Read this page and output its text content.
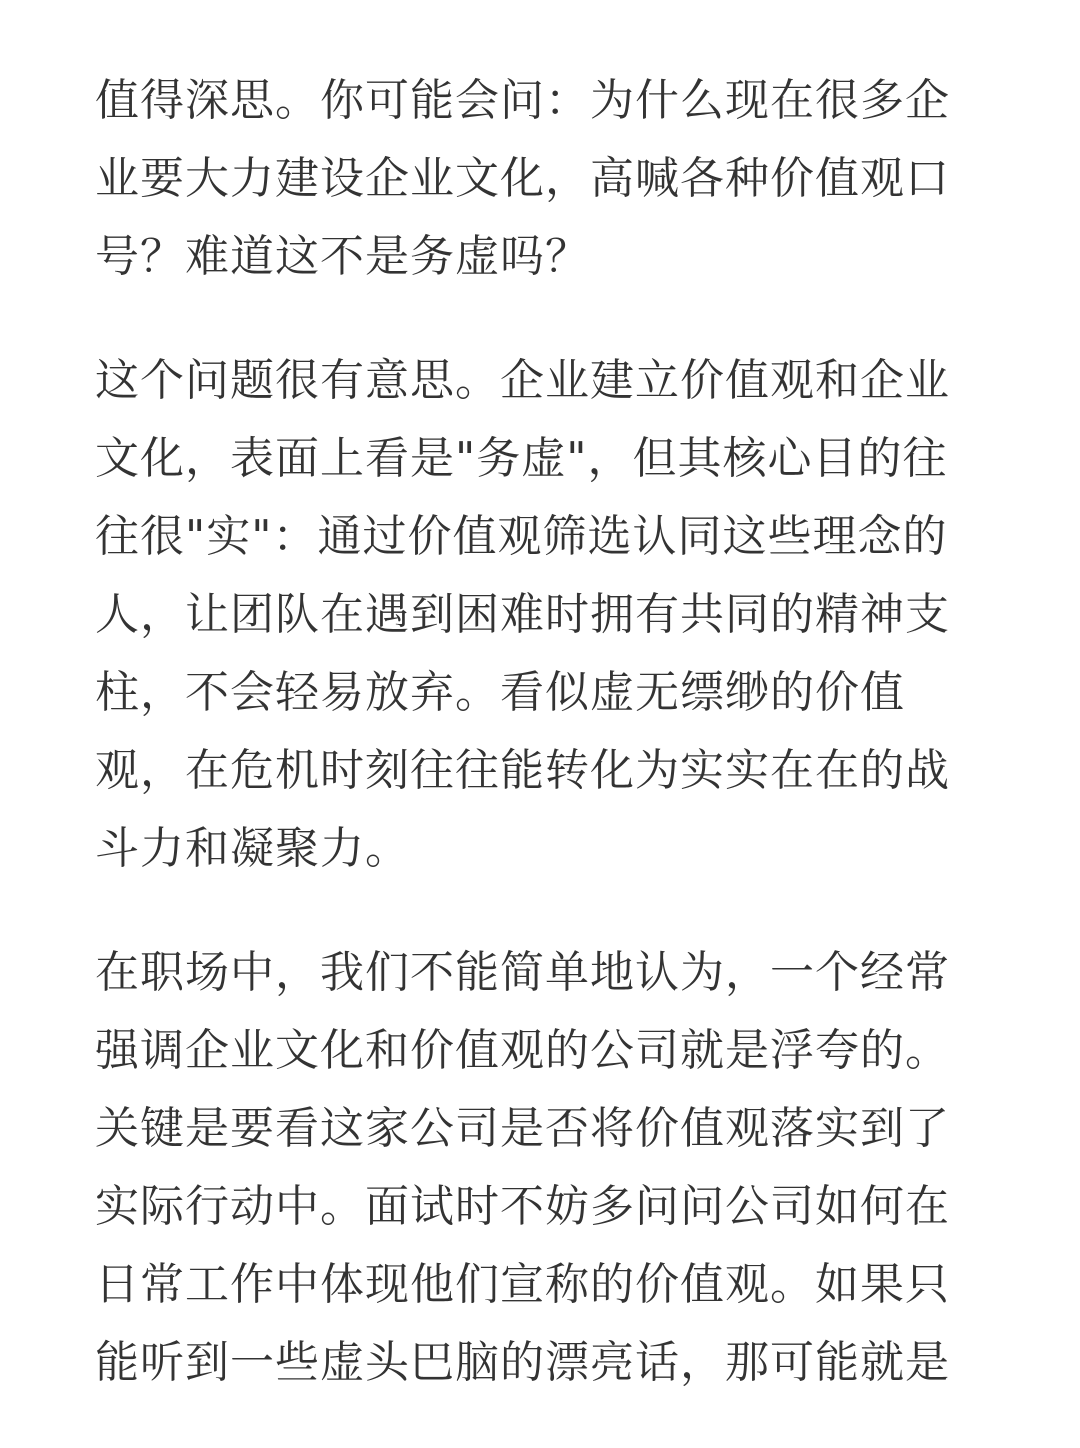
值得深思。你可能会问：为什么现在很多企
业要大力建设企业文化，高喊各种价值观口
号？难道这不是务虚吗？
这个问题很有意思。企业建立价值观和企业
文化，表面上看是"务虚"，但其核心目的往
往很"实"：通过价值观筛选认同这些理念的
人，让团队在遇到困难时拥有共同的精神支
柱，不会轻易放弃。看似虚无缥缈的价值
观，在危机时刻往往能转化为实实在在的战
斗力和凝聚力。
在职场中，我们不能简单地认为，一个经常
强调企业文化和价值观的公司就是浮夸的。
关键是要看这家公司是否将价值观落实到了
实际行动中。面试时不妨多问问公司如何在
日常工作中体现他们宣称的价值观。如果只
能听到一些虚头巴脑的漂亮话，那可能就是
